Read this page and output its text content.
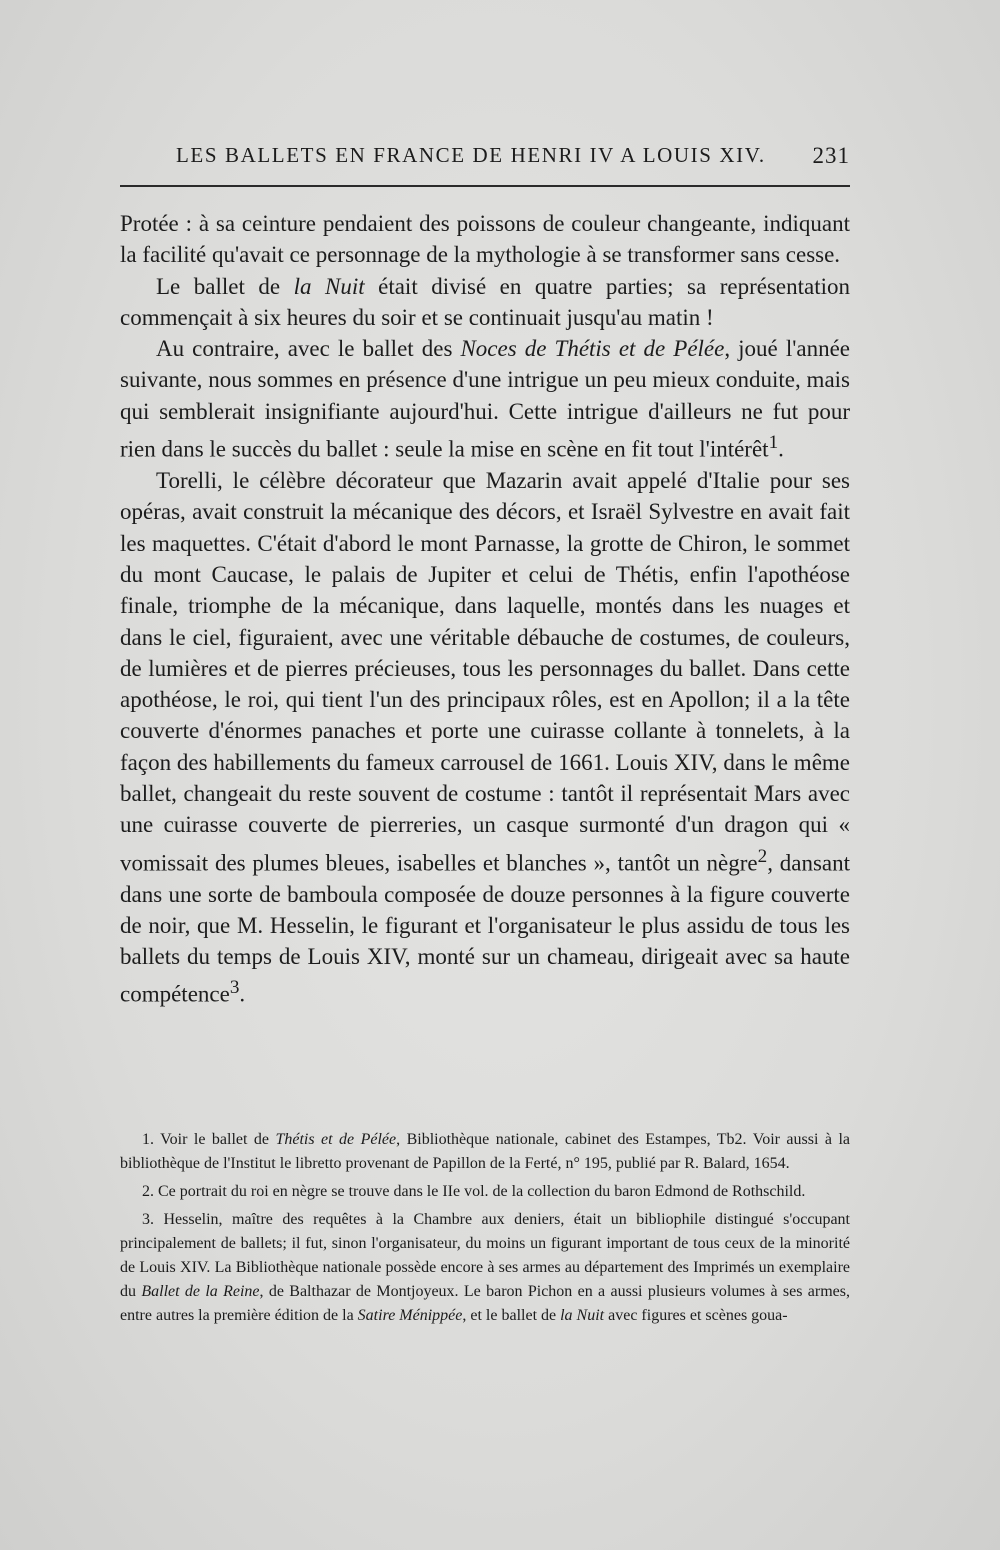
LES BALLETS EN FRANCE DE HENRI IV A LOUIS XIV. 231

Protée : à sa ceinture pendaient des poissons de couleur changeante, indiquant la facilité qu'avait ce personnage de la mythologie à se transformer sans cesse.

Le ballet de la Nuit était divisé en quatre parties; sa représentation commençait à six heures du soir et se continuait jusqu'au matin !

Au contraire, avec le ballet des Noces de Thétis et de Pélée, joué l'année suivante, nous sommes en présence d'une intrigue un peu mieux conduite, mais qui semblerait insignifiante aujourd'hui. Cette intrigue d'ailleurs ne fut pour rien dans le succès du ballet : seule la mise en scène en fit tout l'intérêt$^1$.

Torelli, le célèbre décorateur que Mazarin avait appelé d'Italie pour ses opéras, avait construit la mécanique des décors, et Israël Sylvestre en avait fait les maquettes. C'était d'abord le mont Parnasse, la grotte de Chiron, le sommet du mont Caucase, le palais de Jupiter et celui de Thétis, enfin l'apothéose finale, triomphe de la mécanique, dans laquelle, montés dans les nuages et dans le ciel, figuraient, avec une véritable débauche de costumes, de couleurs, de lumières et de pierres précieuses, tous les personnages du ballet. Dans cette apothéose, le roi, qui tient l'un des principaux rôles, est en Apollon; il a la tête couverte d'énormes panaches et porte une cuirasse collante à tonnelets, à la façon des habillements du fameux carrousel de 1661. Louis XIV, dans le même ballet, changeait du reste souvent de costume : tantôt il représentait Mars avec une cuirasse couverte de pierreries, un casque surmonté d'un dragon qui « vomissait des plumes bleues, isabelles et blanches », tantôt un nègre$^2$, dansant dans une sorte de bamboula composée de douze personnes à la figure couverte de noir, que M. Hesselin, le figurant et l'organisateur le plus assidu de tous les ballets du temps de Louis XIV, monté sur un chameau, dirigeait avec sa haute compétence$^3$.

1. Voir le ballet de Thétis et de Pélée, Bibliothèque nationale, cabinet des Estampes, Tb2. Voir aussi à la bibliothèque de l'Institut le libretto provenant de Papillon de la Ferté, n° 195, publié par R. Balard, 1654.

2. Ce portrait du roi en nègre se trouve dans le IIe vol. de la collection du baron Edmond de Rothschild.

3. Hesselin, maître des requêtes à la Chambre aux deniers, était un bibliophile distingué s'occupant principalement de ballets; il fut, sinon l'organisateur, du moins un figurant important de tous ceux de la minorité de Louis XIV. La Bibliothèque nationale possède encore à ses armes au département des Imprimés un exemplaire du Ballet de la Reine, de Balthazar de Montjoyeux. Le baron Pichon en a aussi plusieurs volumes à ses armes, entre autres la première édition de la Satire Ménippée, et le ballet de la Nuit avec figures et scènes goua-
